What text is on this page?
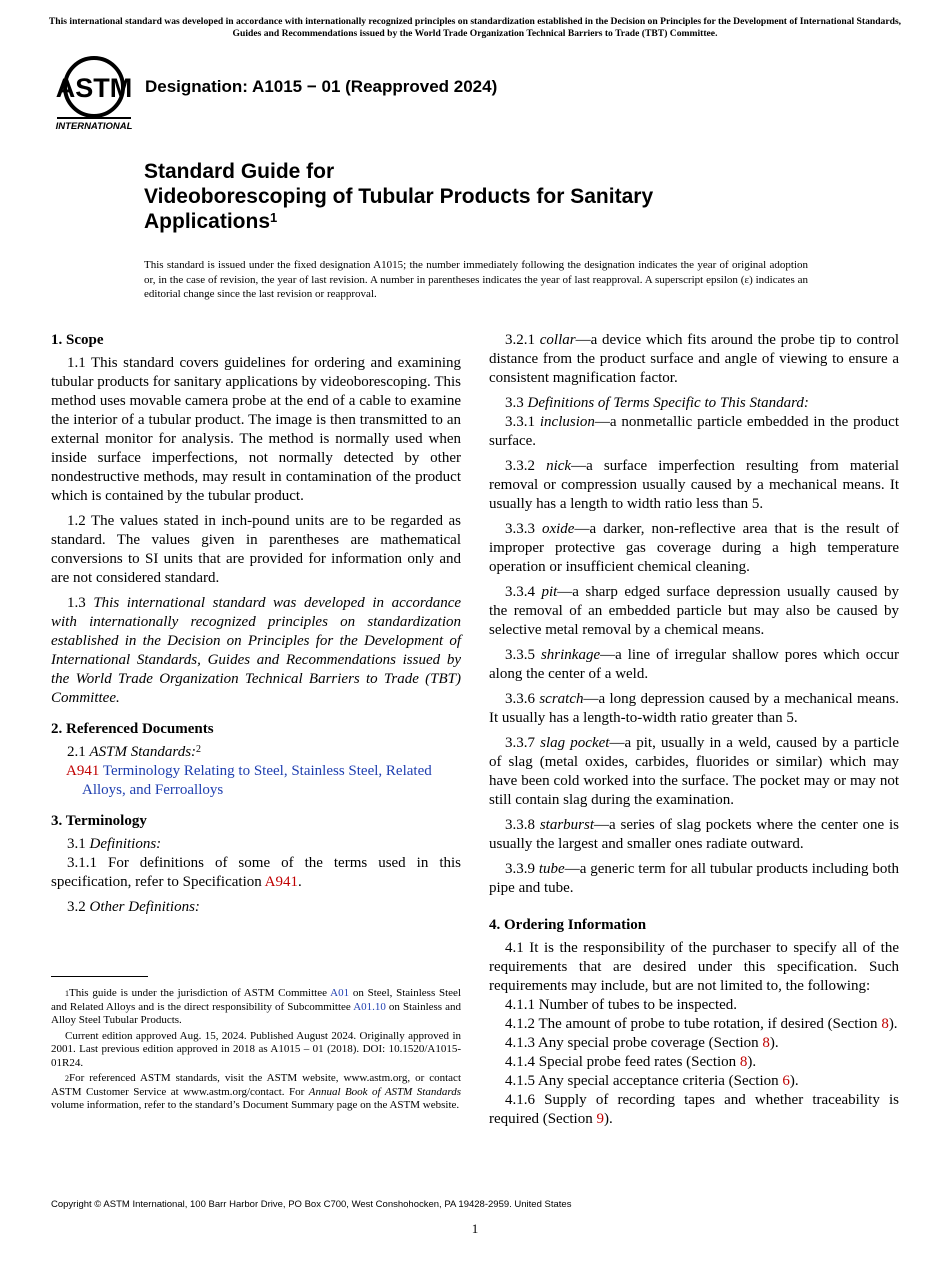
This international standard was developed in accordance with internationally recognized principles on standardization established in the Decision on Principles for the Development of International Standards, Guides and Recommendations issued by the World Trade Organization Technical Barriers to Trade (TBT) Committee.
ASTM
INTERNATIONAL
Designation: A1015 − 01 (Reapproved 2024)
Standard Guide for
Videoborescoping of Tubular Products for Sanitary
Applications$^1$
This standard is issued under the fixed designation A1015; the number immediately following the designation indicates the year of original adoption or, in the case of revision, the year of last revision. A number in parentheses indicates the year of last reapproval. A superscript epsilon (ε) indicates an editorial change since the last revision or reapproval.
1. Scope

1.1 This standard covers guidelines for ordering and examining tubular products for sanitary applications by videoborescoping. This method uses movable camera probe at the end of a cable to examine the interior of a tubular product. The image is then transmitted to an external monitor for analysis. The method is normally used when inside surface imperfections, not normally detected by other nondestructive methods, may result in contamination of the product which is contained by the tubular product.

1.2 The values stated in inch-pound units are to be regarded as standard. The values given in parentheses are mathematical conversions to SI units that are provided for information only and are not considered standard.

1.3 This international standard was developed in accordance with internationally recognized principles on standardization established in the Decision on Principles for the Development of International Standards, Guides and Recommendations issued by the World Trade Organization Technical Barriers to Trade (TBT) Committee.

2. Referenced Documents

2.1 ASTM Standards:$^2$

A941 Terminology Relating to Steel, Stainless Steel, Related Alloys, and Ferroalloys
3. Terminology

3.1 Definitions:

3.1.1 For definitions of some of the terms used in this specification, refer to Specification A941.

3.2 Other Definitions:

3.2.1 collar—a device which fits around the probe tip to control distance from the product surface and angle of viewing to ensure a consistent magnification factor.

3.3 Definitions of Terms Specific to This Standard:

3.3.1 inclusion—a nonmetallic particle embedded in the product surface.

3.3.2 nick—a surface imperfection resulting from material removal or compression usually caused by a mechanical means. It usually has a length to width ratio less than 5.

3.3.3 oxide—a darker, non-reflective area that is the result of improper protective gas coverage during a high temperature operation or insufficient chemical cleaning.

3.3.4 pit—a sharp edged surface depression usually caused by the removal of an embedded particle but may also be caused by selective metal removal by a chemical means.

3.3.5 shrinkage—a line of irregular shallow pores which occur along the center of a weld.

3.3.6 scratch—a long depression caused by a mechanical means. It usually has a length-to-width ratio greater than 5.

3.3.7 slag pocket—a pit, usually in a weld, caused by a particle of slag (metal oxides, carbides, fluorides or similar) which may have been cold worked into the surface. The pocket may or may not still contain slag during the examination.

3.3.8 starburst—a series of slag pockets where the center one is usually the largest and smaller ones radiate outward.

3.3.9 tube—a generic term for all tubular products including both pipe and tube.

4. Ordering Information

4.1 It is the responsibility of the purchaser to specify all of the requirements that are desired under this specification. Such requirements may include, but are not limited to, the following:

4.1.1 Number of tubes to be inspected.

4.1.2 The amount of probe to tube rotation, if desired (Section 8).

4.1.3 Any special probe coverage (Section 8).

4.1.4 Special probe feed rates (Section 8).

4.1.5 Any special acceptance criteria (Section 6).

4.1.6 Supply of recording tapes and whether traceability is required (Section 9).

$^1$This guide is under the jurisdiction of ASTM Committee A01 on Steel, Stainless Steel and Related Alloys and is the direct responsibility of Subcommittee A01.10 on Stainless and Alloy Steel Tubular Products.

Current edition approved Aug. 15, 2024. Published August 2024. Originally approved in 2001. Last previous edition approved in 2018 as A1015 – 01 (2018). DOI: 10.1520/A1015-01R24.

$^2$For referenced ASTM standards, visit the ASTM website, www.astm.org, or contact ASTM Customer Service at www.astm.org/contact. For Annual Book of ASTM Standards volume information, refer to the standard’s Document Summary page on the ASTM website.

Copyright © ASTM International, 100 Barr Harbor Drive, PO Box C700, West Conshohocken, PA 19428-2959. United States
1
